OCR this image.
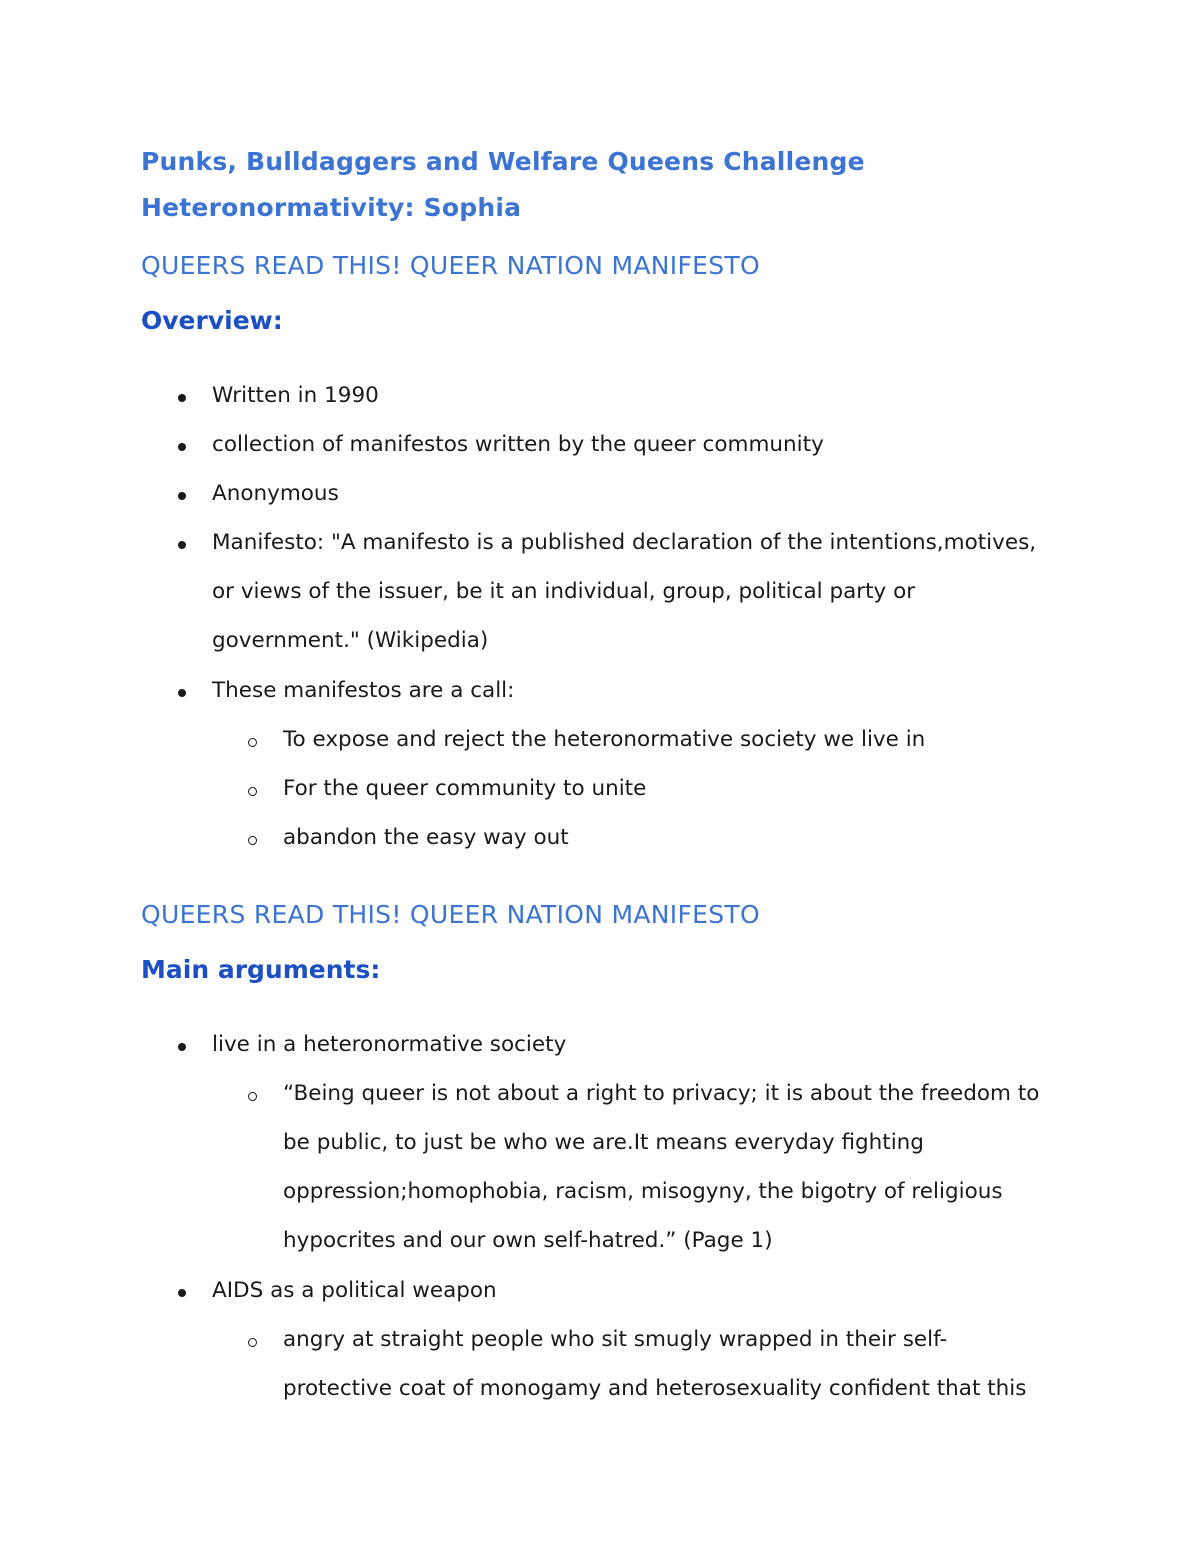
Punks, Bulldaggers and Welfare Queens Challenge
Heteronormativity: Sophia
QUEERS READ THIS! QUEER NATION MANIFESTO
Overview:
Written in 1990
collection of manifestos written by the queer community
Anonymous
Manifesto: "A manifesto is a published declaration of the intentions,motives,
or views of the issuer, be it an individual, group, political party or
government." (Wikipedia)
These manifestos are a call:
To expose and reject the heteronormative society we live in
For the queer community to unite
abandon the easy way out
QUEERS READ THIS! QUEER NATION MANIFESTO
Main arguments:
live in a heteronormative society
“Being queer is not about a right to privacy; it is about the freedom to
be public, to just be who we are.It means everyday fighting
oppression;homophobia, racism, misogyny, the bigotry of religious
hypocrites and our own self-hatred.” (Page 1)
AIDS as a political weapon
angry at straight people who sit smugly wrapped in their self-
protective coat of monogamy and heterosexuality confident that this
